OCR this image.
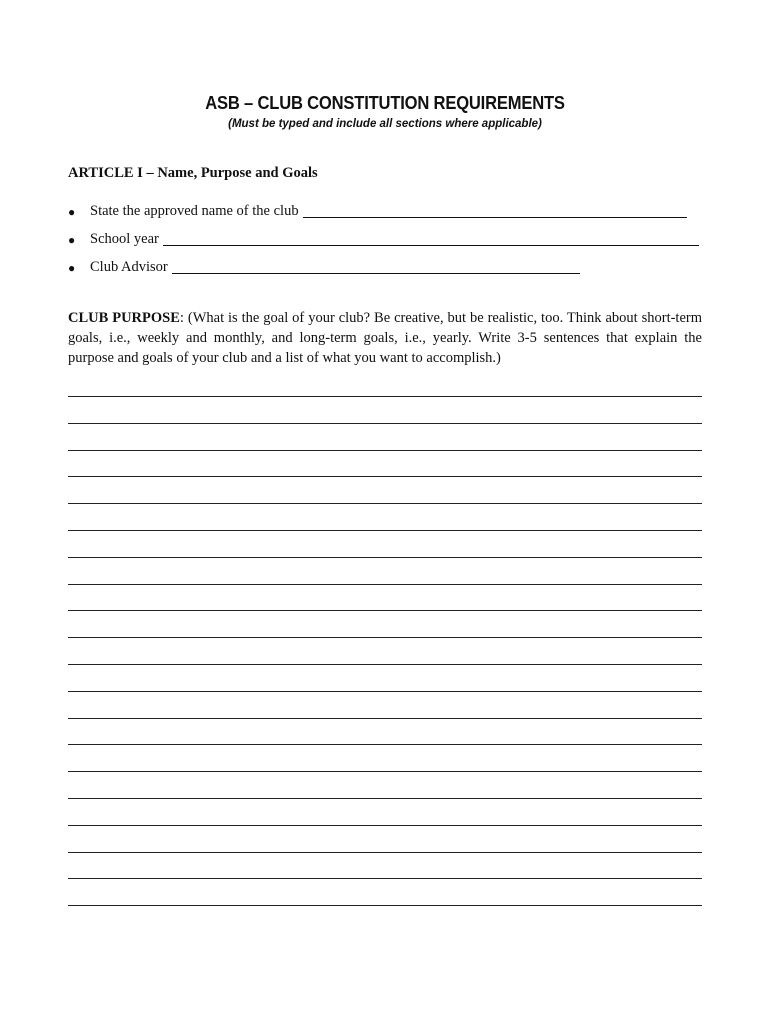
ASB – CLUB CONSTITUTION REQUIREMENTS
(Must be typed and include all sections where applicable)
ARTICLE I – Name, Purpose and Goals
●	State the approved name of the club
●	School year
●	Club Advisor
CLUB PURPOSE: (What is the goal of your club? Be creative, but be realistic, too. Think about short-term goals, i.e., weekly and monthly, and long-term goals, i.e., yearly. Write 3-5 sentences that explain the purpose and goals of your club and a list of what you want to accomplish.)
